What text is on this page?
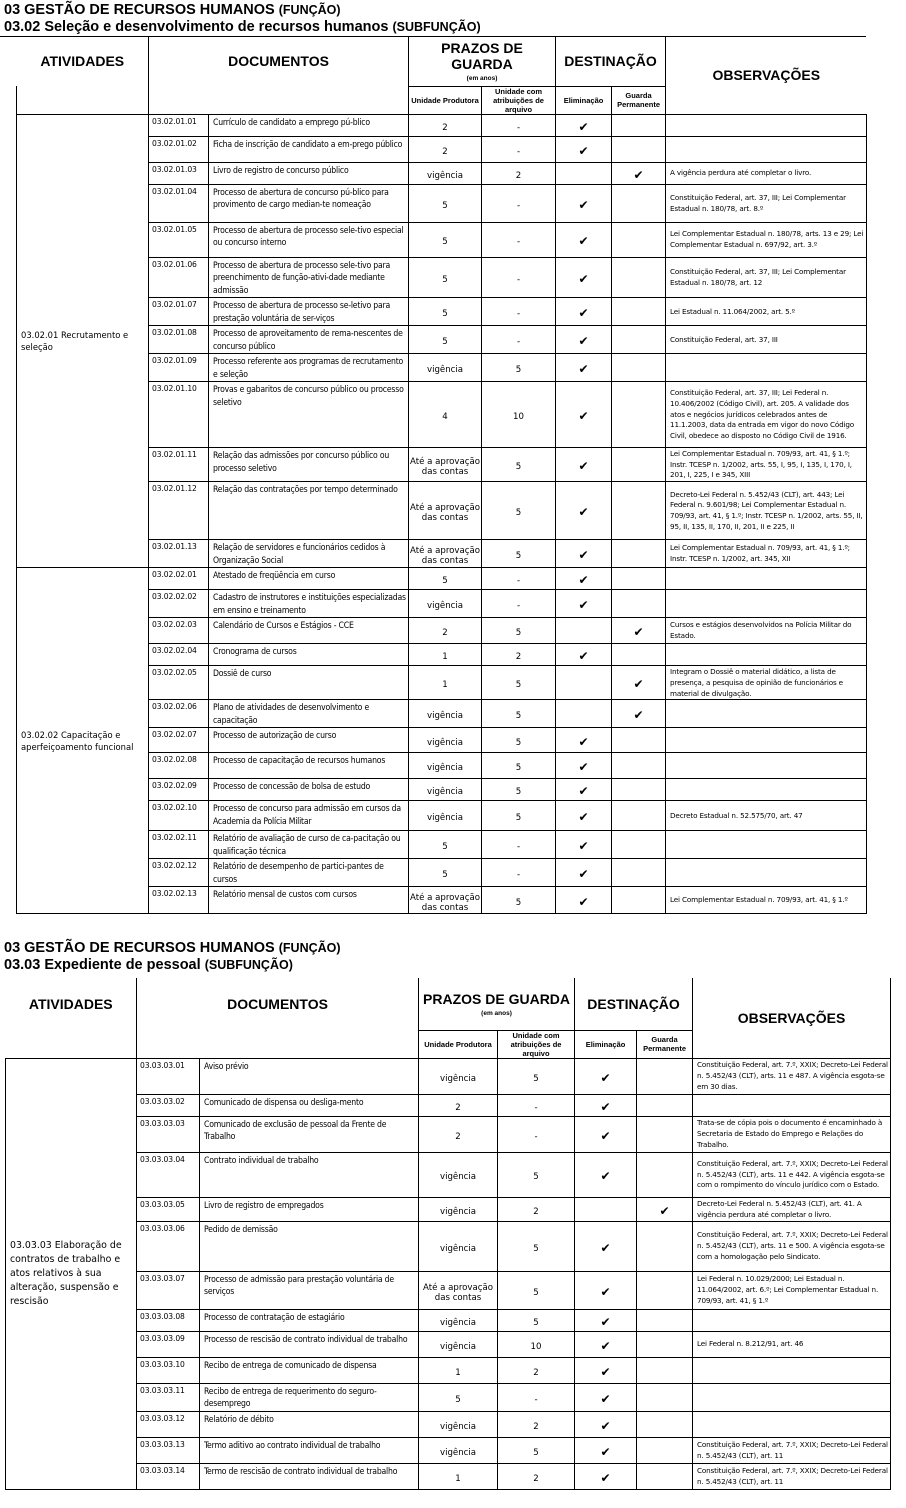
03 GESTÃO DE RECURSOS HUMANOS (FUNÇÃO)
03.02 Seleção e desenvolvimento de recursos humanos (SUBFUNÇÃO)
ATIVIDADES	DOCUMENTOS		PRAZOS DE GUARDA
(em anos)		DESTINAÇÃO		OBSERVAÇÕES
			Unidade Produtora	Unidade com atribuições de arquivo	Eliminação	Guarda Permanente	
03.02.01 Recrutamento e seleção	03.02.01.01	Currículo de candidato a emprego pú-blico	2	-	✔		
	03.02.01.02	Ficha de inscrição de candidato a em-prego público	2	-	✔		
	03.02.01.03	Livro de registro de concurso público	vigência	2		✔	A vigência perdura até completar o livro.
	03.02.01.04	Processo de abertura de concurso pú-blico para provimento de cargo median-te nomeação	5	-	✔		Constituição Federal, art. 37, III; Lei Complementar Estadual n. 180/78, art. 8.º
	03.02.01.05	Processo de abertura de processo sele-tivo especial ou concurso interno	5	-	✔		Lei Complementar Estadual n. 180/78, arts. 13 e 29; Lei Complementar Estadual n. 697/92, art. 3.º
	03.02.01.06	Processo de abertura de processo sele-tivo para preenchimento de função-ativi-dade mediante admissão	5	-	✔		Constituição Federal, art. 37, III; Lei Complementar Estadual n. 180/78, art. 12
	03.02.01.07	Processo de abertura de processo se-letivo para prestação voluntária de ser-viços	5	-	✔		Lei Estadual n. 11.064/2002, art. 5.º
	03.02.01.08	Processo de aproveitamento de rema-nescentes de concurso público	5	-	✔		Constituição Federal, art. 37, III
	03.02.01.09	Processo referente aos programas de recrutamento e seleção	vigência	5	✔		
	03.02.01.10	Provas e gabaritos de concurso público ou processo seletivo	4	10	✔		Constituição Federal, art. 37, III; Lei Federal n. 10.406/2002 (Código Civil), art. 205. A validade dos atos e negócios jurídicos celebrados antes de 11.1.2003, data da entrada em vigor do novo Código Civil, obedece ao disposto no Código Civil de 1916.
	03.02.01.11	Relação das admissões por concurso público ou processo seletivo	Até a aprovação das contas	5	✔		Lei Complementar Estadual n. 709/93, art. 41, § 1.º; Instr. TCESP n. 1/2002, arts. 55, I, 95, I, 135, I, 170, I, 201, I, 225, I e 345, XIII
	03.02.01.12	Relação das contratações por tempo determinado	Até a aprovação das contas	5	✔		Decreto-Lei Federal n. 5.452/43 (CLT), art. 443; Lei Federal n. 9.601/98; Lei Complementar Estadual n. 709/93, art. 41, § 1.º; Instr. TCESP n. 1/2002, arts. 55, II, 95, II, 135, II, 170, II, 201, II e 225, II
	03.02.01.13	Relação de servidores e funcionários cedidos à Organização Social	Até a aprovação das contas	5	✔		Lei Complementar Estadual n. 709/93, art. 41, § 1.º; Instr. TCESP n. 1/2002, art. 345, XII
03.02.02 Capacitação e aperfeiçoamento funcional	03.02.02.01	Atestado de freqüência em curso	5	-	✔		
	03.02.02.02	Cadastro de instrutores e instituições especializadas em ensino e treinamento	vigência	-	✔		
	03.02.02.03	Calendário de Cursos e Estágios - CCE	2	5		✔	Cursos e estágios desenvolvidos na Polícia Militar do Estado.
	03.02.02.04	Cronograma de cursos	1	2	✔		
	03.02.02.05	Dossiê de curso	1	5		✔	Integram o Dossiê o material didático, a lista de presença, a pesquisa de opinião de funcionários e material de divulgação.
	03.02.02.06	Plano de atividades de desenvolvimento e capacitação	vigência	5		✔	
	03.02.02.07	Processo de autorização de curso	vigência	5	✔		
	03.02.02.08	Processo de capacitação de recursos humanos	vigência	5	✔		
	03.02.02.09	Processo de concessão de bolsa de estudo	vigência	5	✔		
	03.02.02.10	Processo de concurso para admissão em cursos da Academia da Polícia Militar	vigência	5	✔		Decreto Estadual n. 52.575/70, art. 47
	03.02.02.11	Relatório de avaliação de curso de ca-pacitação ou qualificação técnica	5	-	✔		
	03.02.02.12	Relatório de desempenho de partici-pantes de cursos	5	-	✔		
	03.02.02.13	Relatório mensal de custos com cursos	Até a aprovação das contas	5	✔		Lei Complementar Estadual n. 709/93, art. 41, § 1.º
03 GESTÃO DE RECURSOS HUMANOS (FUNÇÃO)
03.03 Expediente de pessoal (SUBFUNÇÃO)
ATIVIDADES	DOCUMENTOS		PRAZOS DE GUARDA
(em anos)		DESTINAÇÃO		OBSERVAÇÕES
			Unidade Produtora	Unidade com atribuições de arquivo	Eliminação	Guarda Permanente	
03.03.03 Elaboração de contratos de trabalho e atos relativos à sua alteração, suspensão e rescisão	03.03.03.01	Aviso prévio	vigência	5	✔		Constituição Federal, art. 7.º, XXIX; Decreto-Lei Federal n. 5.452/43 (CLT), arts. 11 e 487. A vigência esgota-se em 30 dias.
	03.03.03.02	Comunicado de dispensa ou desliga-mento	2	-	✔		
	03.03.03.03	Comunicado de exclusão de pessoal da Frente de Trabalho	2	-	✔		Trata-se de cópia pois o documento é encaminhado à Secretaria de Estado do Emprego e Relações do Trabalho.
	03.03.03.04	Contrato individual de trabalho	vigência	5	✔		Constituição Federal, art. 7.º, XXIX; Decreto-Lei Federal n. 5.452/43 (CLT), arts. 11 e 442. A vigência esgota-se com o rompimento do vínculo jurídico com o Estado.
	03.03.03.05	Livro de registro de empregados	vigência	2		✔	Decreto-Lei Federal n. 5.452/43 (CLT), art. 41. A vigência perdura até completar o livro.
	03.03.03.06	Pedido de demissão	vigência	5	✔		Constituição Federal, art. 7.º, XXIX; Decreto-Lei Federal n. 5.452/43 (CLT), arts. 11 e 500. A vigência esgota-se com a homologação pelo Sindicato.
	03.03.03.07	Processo de admissão para prestação voluntária de serviços	Até a aprovação das contas	5	✔		Lei Federal n. 10.029/2000; Lei Estadual n. 11.064/2002, art. 6.º; Lei Complementar Estadual n. 709/93, art. 41, § 1.º
	03.03.03.08	Processo de contratação de estagiário	vigência	5	✔		
	03.03.03.09	Processo de rescisão de contrato individual de trabalho	vigência	10	✔		Lei Federal n. 8.212/91, art. 46
	03.03.03.10	Recibo de entrega de comunicado de dispensa	1	2	✔		
	03.03.03.11	Recibo de entrega de requerimento do seguro-desemprego	5	-	✔		
	03.03.03.12	Relatório de débito	vigência	2	✔		
	03.03.03.13	Termo aditivo ao contrato individual de trabalho	vigência	5	✔		Constituição Federal, art. 7.º, XXIX; Decreto-Lei Federal n. 5.452/43 (CLT), art. 11
	03.03.03.14	Termo de rescisão de contrato individual de trabalho	1	2	✔		Constituição Federal, art. 7.º, XXIX; Decreto-Lei Federal n. 5.452/43 (CLT), art. 11
